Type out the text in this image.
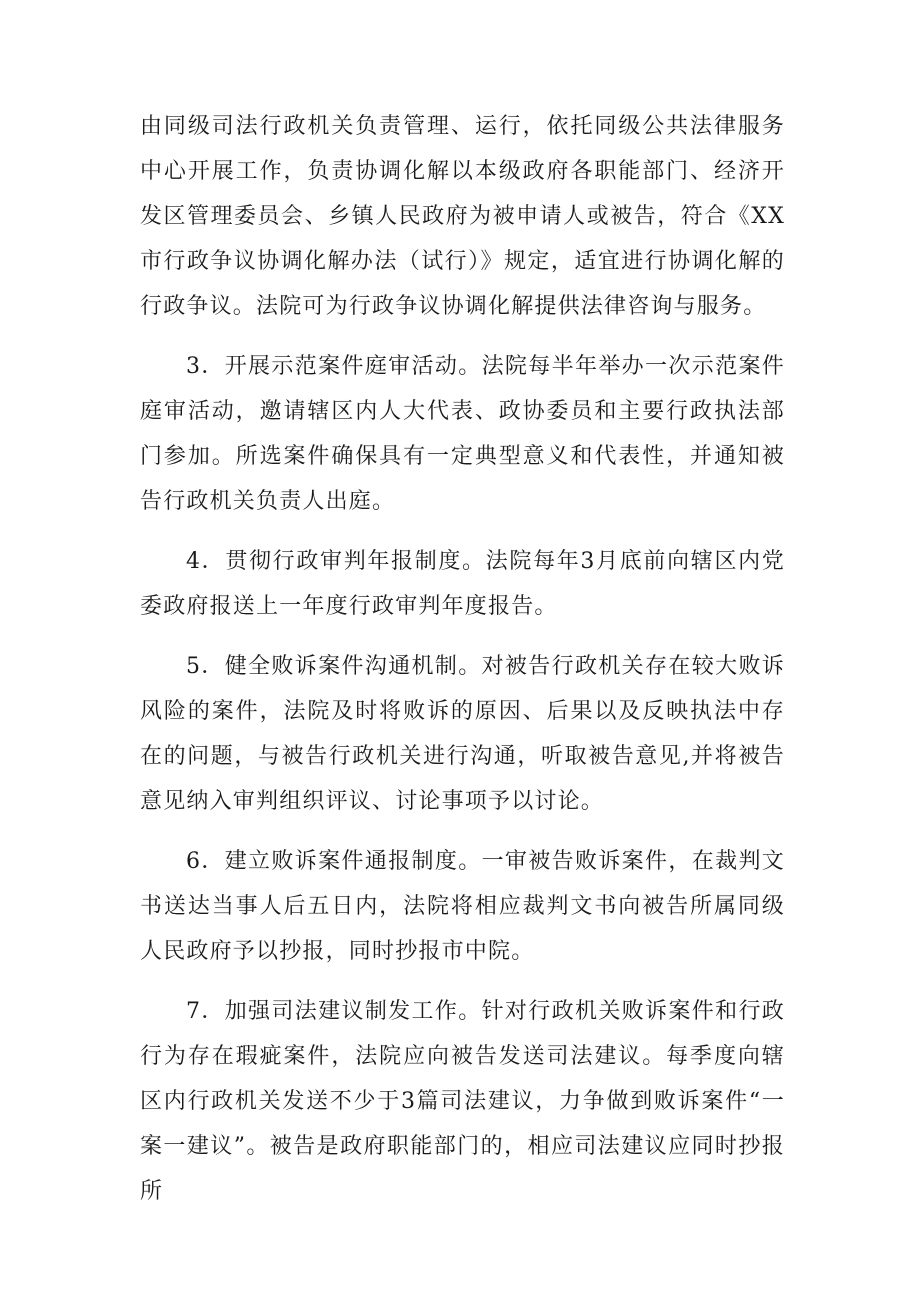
由同级司法行政机关负责管理、运行，依托同级公共法律服务中心开展工作，负责协调化解以本级政府各职能部门、经济开发区管理委员会、乡镇人民政府为被申请人或被告，符合《XX市行政争议协调化解办法（试行）》规定，适宜进行协调化解的行政争议。法院可为行政争议协调化解提供法律咨询与服务。

3．开展示范案件庭审活动。法院每半年举办一次示范案件庭审活动，邀请辖区内人大代表、政协委员和主要行政执法部门参加。所选案件确保具有一定典型意义和代表性，并通知被告行政机关负责人出庭。

4．贯彻行政审判年报制度。法院每年3月底前向辖区内党委政府报送上一年度行政审判年度报告。

5．健全败诉案件沟通机制。对被告行政机关存在较大败诉风险的案件，法院及时将败诉的原因、后果以及反映执法中存在的问题，与被告行政机关进行沟通，听取被告意见,并将被告意见纳入审判组织评议、讨论事项予以讨论。

6．建立败诉案件通报制度。一审被告败诉案件，在裁判文书送达当事人后五日内，法院将相应裁判文书向被告所属同级人民政府予以抄报，同时抄报市中院。

7．加强司法建议制发工作。针对行政机关败诉案件和行政行为存在瑕疵案件，法院应向被告发送司法建议。每季度向辖区内行政机关发送不少于3篇司法建议，力争做到败诉案件“一案一建议”。被告是政府职能部门的，相应司法建议应同时抄报所
